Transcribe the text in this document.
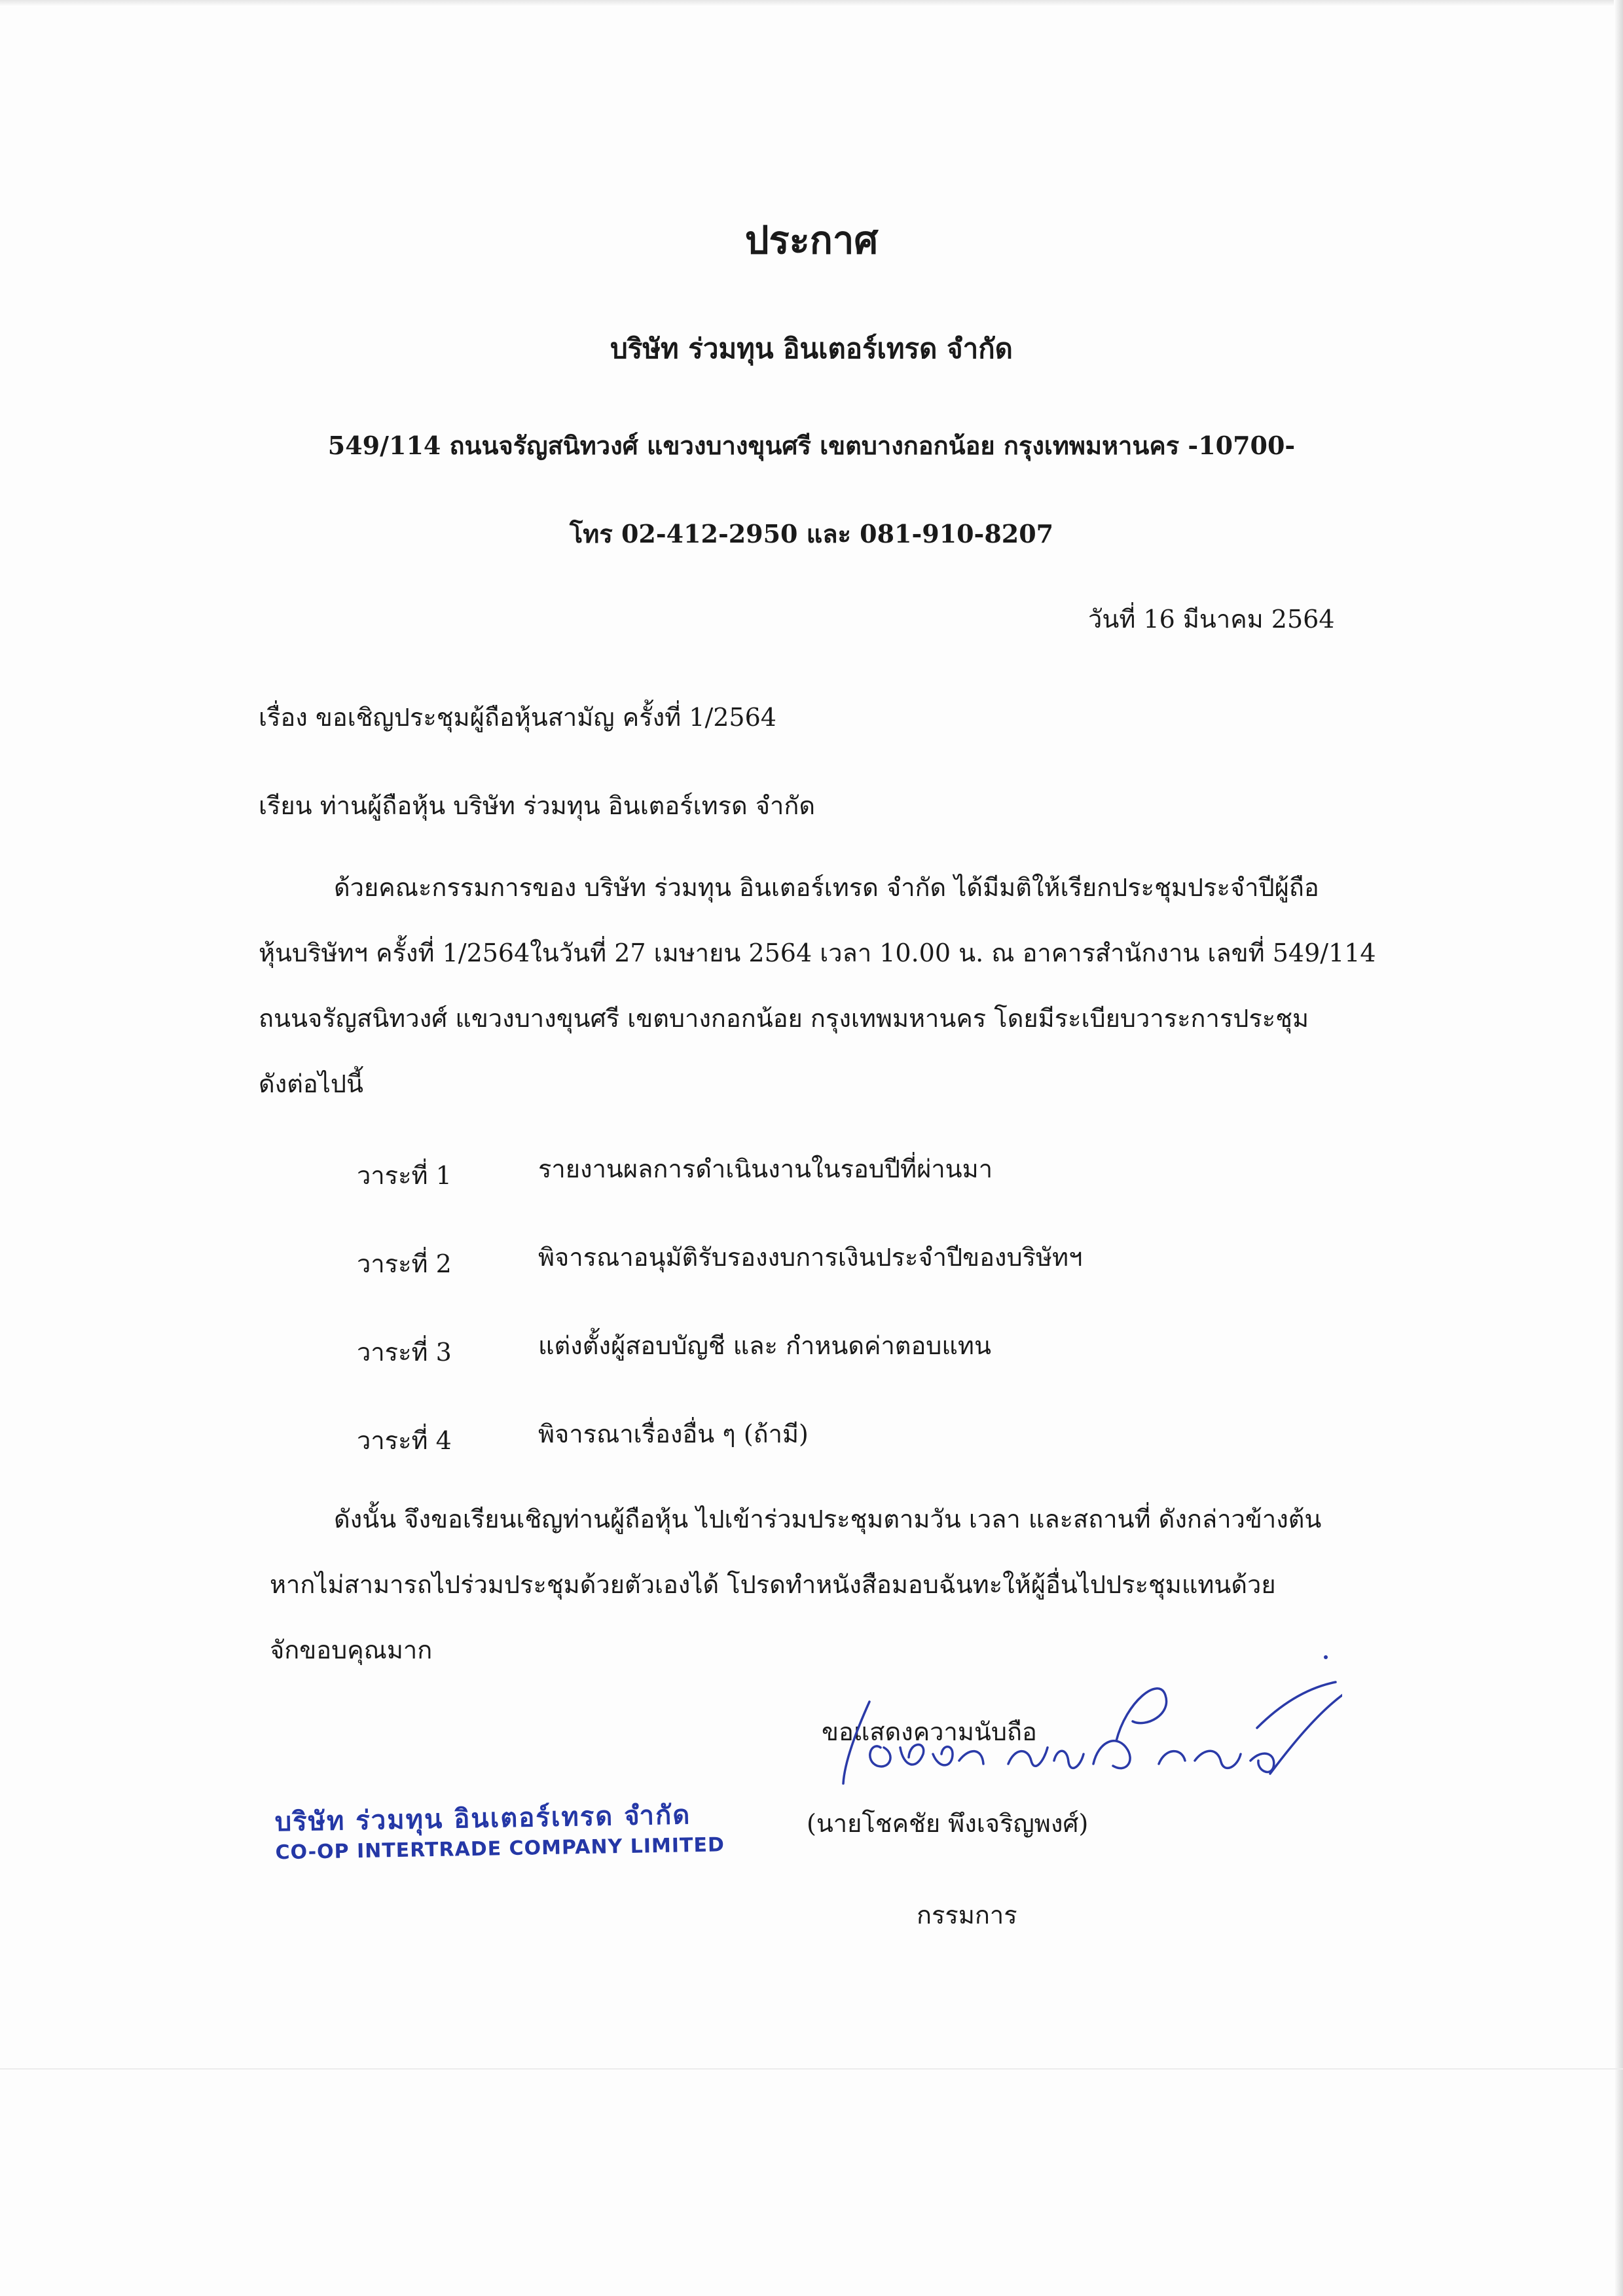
ประกาศ
บริษัท ร่วมทุน อินเตอร์เทรด จำกัด
549/114 ถนนจรัญสนิทวงศ์ แขวงบางขุนศรี เขตบางกอกน้อย กรุงเทพมหานคร -10700-
โทร 02-412-2950 และ 081-910-8207
วันที่ 16 มีนาคม 2564
เรื่อง ขอเชิญประชุมผู้ถือหุ้นสามัญ ครั้งที่ 1/2564
เรียน ท่านผู้ถือหุ้น บริษัท ร่วมทุน อินเตอร์เทรด จำกัด
ด้วยคณะกรรมการของ บริษัท ร่วมทุน อินเตอร์เทรด จำกัด ได้มีมติให้เรียกประชุมประจำปีผู้ถือ
หุ้นบริษัทฯ ครั้งที่ 1/2564ในวันที่ 27 เมษายน 2564 เวลา 10.00 น. ณ อาคารสำนักงาน เลขที่ 549/114
ถนนจรัญสนิทวงศ์ แขวงบางขุนศรี เขตบางกอกน้อย กรุงเทพมหานคร โดยมีระเบียบวาระการประชุม
ดังต่อไปนี้
วาระที่ 1	รายงานผลการดำเนินงานในรอบปีที่ผ่านมา
วาระที่ 2	พิจารณาอนุมัติรับรองงบการเงินประจำปีของบริษัทฯ
วาระที่ 3	แต่งตั้งผู้สอบบัญชี และ กำหนดค่าตอบแทน
วาระที่ 4	พิจารณาเรื่องอื่น ๆ (ถ้ามี)
ดังนั้น จึงขอเรียนเชิญท่านผู้ถือหุ้น ไปเข้าร่วมประชุมตามวัน เวลา และสถานที่ ดังกล่าวข้างต้น
หากไม่สามารถไปร่วมประชุมด้วยตัวเองได้ โปรดทำหนังสือมอบฉันทะให้ผู้อื่นไปประชุมแทนด้วย
จักขอบคุณมาก
ขอแสดงความนับถือ
(นายโชคชัย พึงเจริญพงศ์)
กรรมการ
บริษัท ร่วมทุน อินเตอร์เทรด จำกัด
CO-OP INTERTRADE COMPANY LIMITED
